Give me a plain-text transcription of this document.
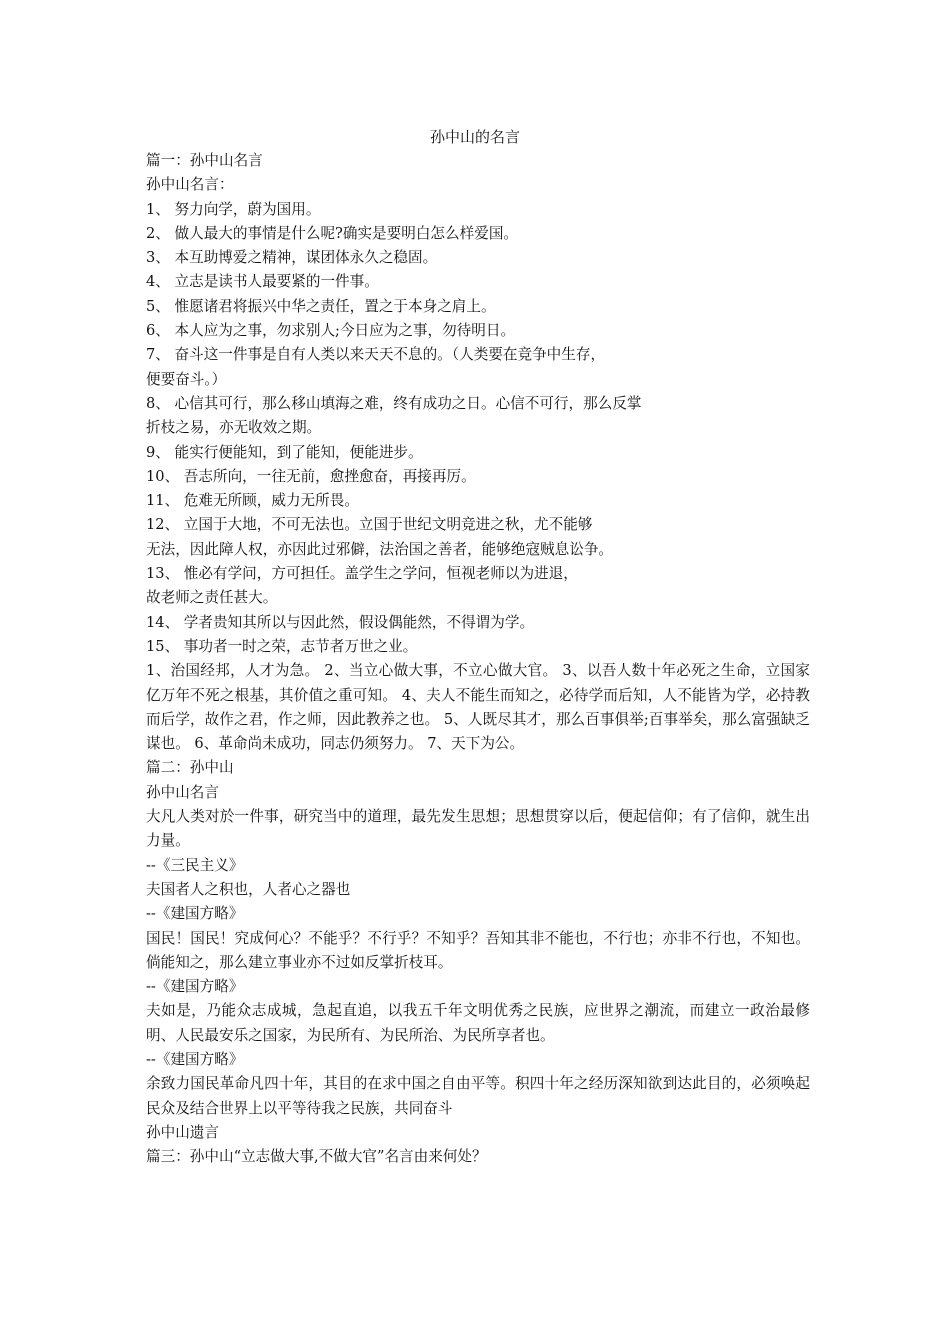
孙中山的名言
篇一：孙中山名言
孙中山名言：
1、 努力向学，蔚为国用。
2、 做人最大的事情是什么呢?确实是要明白怎么样爱国。
3、 本互助博爱之精神，谋团体永久之稳固。
4、 立志是读书人最要紧的一件事。
5、 惟愿诸君将振兴中华之责任，置之于本身之肩上。
6、 本人应为之事，勿求别人;今日应为之事，勿待明日。
7、 奋斗这一件事是自有人类以来天天不息的。（人类要在竞争中生存，
便要奋斗。）
8、 心信其可行，那么移山填海之难，终有成功之日。心信不可行，那么反掌
折枝之易，亦无收效之期。
9、 能实行便能知，到了能知，便能进步。
10、 吾志所向，一往无前，愈挫愈奋，再接再厉。
11、 危难无所顾，威力无所畏。
12、 立国于大地，不可无法也。立国于世纪文明竞进之秋，尤不能够
无法，因此障人权，亦因此过邪僻，法治国之善者，能够绝寇贼息讼争。
13、 惟必有学问，方可担任。盖学生之学问，恒视老师以为进退，
故老师之责任甚大。
14、 学者贵知其所以与因此然，假设偶能然，不得谓为学。
15、 事功者一时之荣，志节者万世之业。
1、治国经邦，人才为急。 2、当立心做大事，不立心做大官。 3、以吾人数十年必死之生命，立国家亿万年不死之根基，其价值之重可知。 4、夫人不能生而知之，必待学而后知，人不能皆为学，必持教而后学，故作之君，作之师，因此教养之也。 5、人既尽其才，那么百事俱举;百事举矣，那么富强缺乏谋也。 6、革命尚未成功，同志仍须努力。 7、天下为公。
篇二：孙中山
孙中山名言
大凡人类对於一件事，研究当中的道理，最先发生思想；思想贯穿以后，便起信仰；有了信仰，就生出力量。
--《三民主义》
夫国者人之积也，人者心之器也
--《建国方略》
国民！国民！究成何心？不能乎？不行乎？不知乎？吾知其非不能也，不行也；亦非不行也，不知也。倘能知之，那么建立事业亦不过如反掌折枝耳。
--《建国方略》
夫如是，乃能众志成城，急起直追，以我五千年文明优秀之民族，应世界之潮流，而建立一政治最修明、人民最安乐之国家，为民所有、为民所治、为民所享者也。
--《建国方略》
余致力国民革命凡四十年，其目的在求中国之自由平等。积四十年之经历深知欲到达此目的，必须唤起民众及结合世界上以平等待我之民族，共同奋斗
孙中山遗言
篇三：孙中山“立志做大事,不做大官”名言由来何处？
